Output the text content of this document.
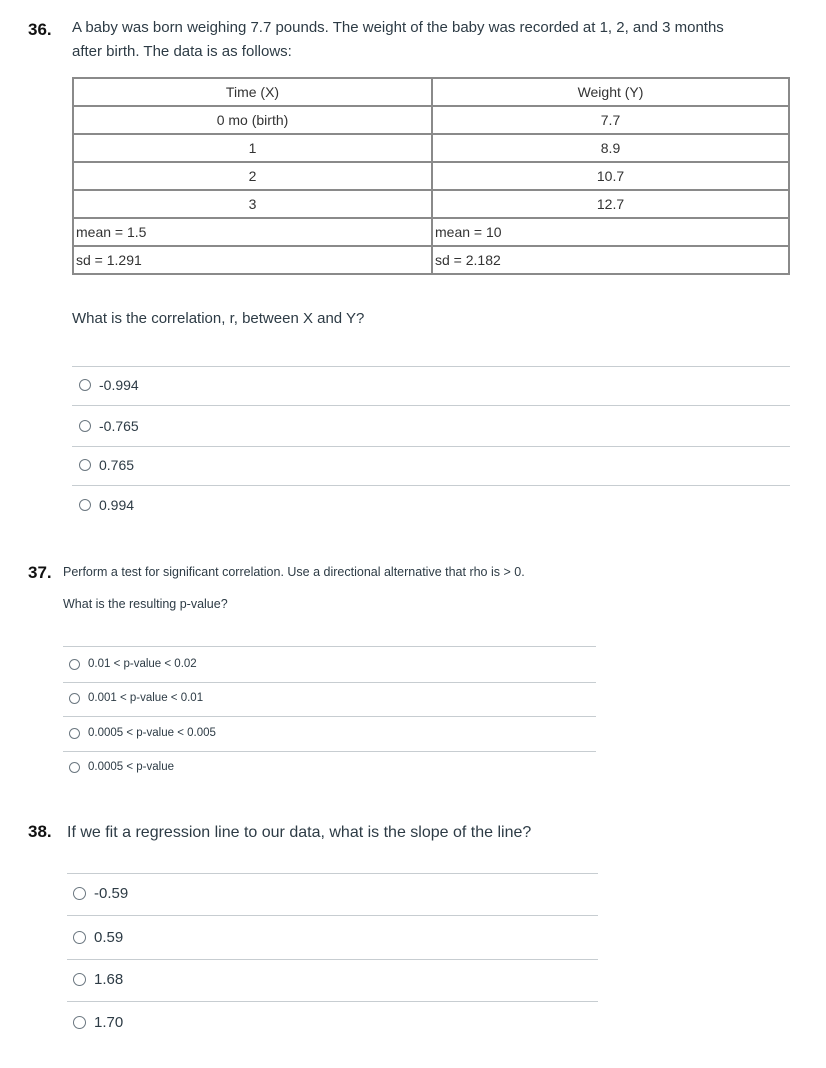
36. A baby was born weighing 7.7 pounds. The weight of the baby was recorded at 1, 2, and 3 months
after birth. The data is as follows:
Time (X)	Weight (Y)
0 mo (birth)	7.7
1	8.9
2	10.7
3	12.7
mean = 1.5	mean = 10
sd = 1.291	sd = 2.182
What is the correlation, r, between X and Y?
-0.994
-0.765
0.765
0.994
37. Perform a test for significant correlation. Use a directional alternative that rho is > 0.
What is the resulting p-value?
0.01 < p-value < 0.02
0.001 < p-value < 0.01
0.0005 < p-value < 0.005
0.0005 < p-value
38. If we fit a regression line to our data, what is the slope of the line?
-0.59
0.59
1.68
1.70
